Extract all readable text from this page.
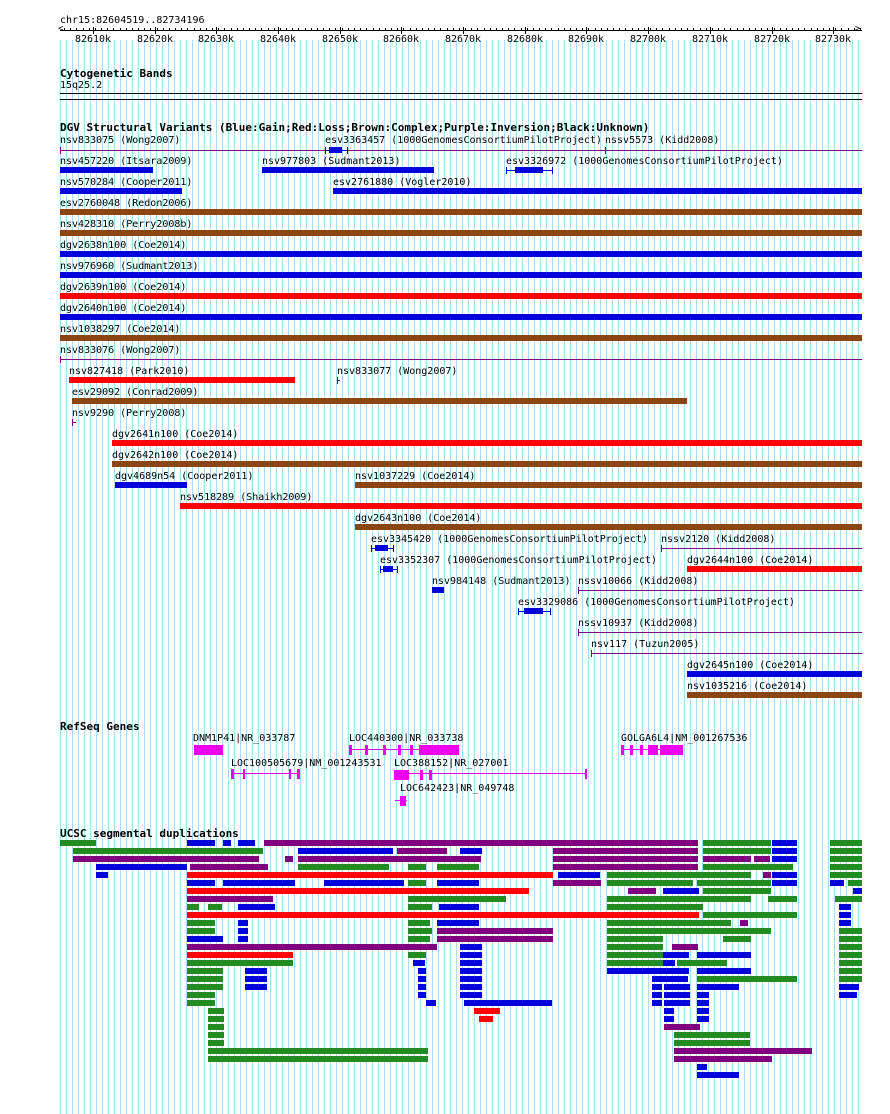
chr15:82604519..82734196
82610k	82620k 82630k	82640k	82650k 82660k	82670k	82680k 82690k	82700k	82710k	82720k 82730k
<	>
Cytogenetic Bands
15q25.2
DGV Structural Variants (Blue:Gain;Red:Loss;Brown:Complex;Purple:Inversion;Black:Unknown)
nsv833075 (Wong2007)	esv3363457 (1000GenomesConsortiumPilotProject) nssv5573 (Kidd2008)
nsv457220 (Itsara2009)	nsv977803 (Sudmant2013)	esv3326972 (1000GenomesConsortiumPilotProject)
nsv570284 (Cooper2011)	esv2761880 (Vogler2010)
esv2760048 (Redon2006)
nsv428310 (Perry2008b)
dgv2638n100 (Coe2014)
nsv976960 (Sudmant2013)
dgv2639n100 (Coe2014)
dgv2640n100 (Coe2014)
nsv1038297 (Coe2014)
nsv833076 (Wong2007)
nsv827418 (Park2010)	nsv833077 (Wong2007)
esv29092 (Conrad2009)
nsv9290 (Perry2008)
dgv2641n100 (Coe2014)
dgv2642n100 (Coe2014)
dgv4689n54 (Cooper2011)	nsv1037229 (Coe2014)
nsv518289 (Shaikh2009)
dgv2643n100 (Coe2014)
esv3345420 (1000GenomesConsortiumPilotProject) nssv2120 (Kidd2008)
esv3352307 (1000GenomesConsortiumPilotProject)	dgv2644n100 (Coe2014)
nsv984148 (Sudmant2013) nssv10066 (Kidd2008)
esv3329086 (1000GenomesConsortiumPilotProject)
nssv10937 (Kidd2008)
nsv117 (Tuzun2005)
dgv2645n100 (Coe2014)
nsv1035216 (Coe2014)
RefSeq Genes
DNM1P41|NR_033787	LOC440300|NR_033738	GOLGA6L4|NM_001267536
LOC100505679|NM_001243531 LOC388152|NR_027001
LOC642423|NR_049748
UCSC segmental duplications
